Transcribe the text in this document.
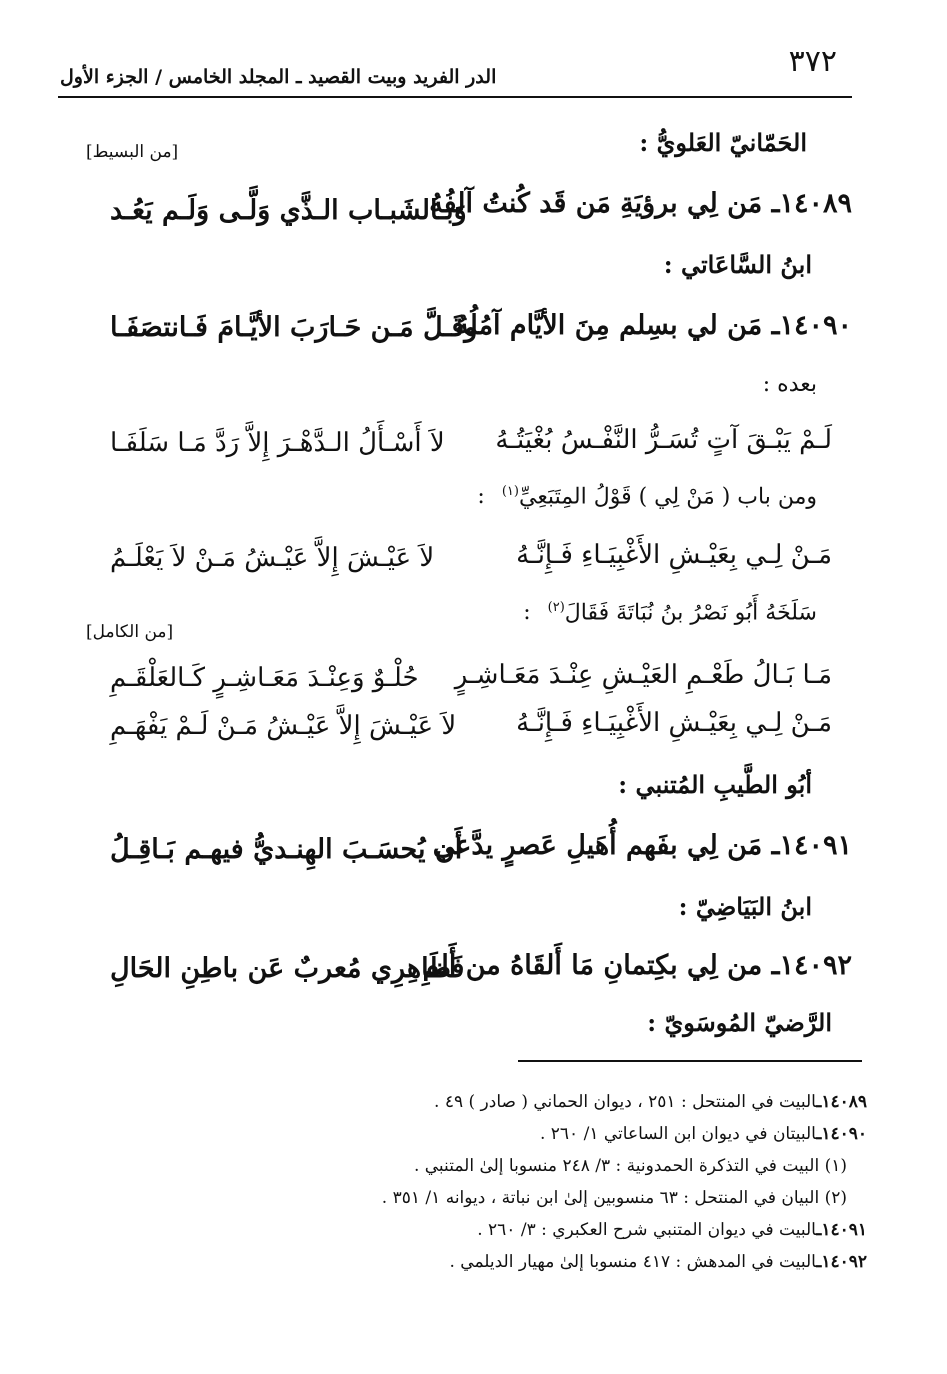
٣٧٢
الدر الفريد وبيت القصيد ـ المجلد الخامس / الجزء الأول
الحَمّانيّ العَلويُّ :
[من البسيط]
١٤٠٨٩ـ مَن لِي برؤيَةِ مَن قَد كُنتُ آلفُهُ
وَبـالشَبـاب الـذَّي وَلَّـى وَلَـم يَعُـد
ابنُ السَّاعَاتي :
١٤٠٩٠ـ مَن لي بسِلم مِنَ الأيَّام آمُلُهُ
وقَـلَّ مَـن حَـارَبَ الأيَّـامَ فَـانتصَفَـا
بعده :
لَـمْ يَبْـقَ آتٍ تُسَـرُّ النَّفْـسُ بُغْيَتُـهُ
لاَ أَسْـأَلُ الـدَّهْـرَ إِلاَّ رَدَّ مَـا سَلَفَـا
ومن باب ( مَنْ لِي ) قَوْلُ المِتَبَعِيِّ$^{(١)}$ :
مَـنْ لِـي بِعَيْـشِ الأَغْبِيَـاءِ فَـإِنَّـهُ
لاَ عَيْـشَ إِلاَّ عَيْـشُ مَـنْ لاَ يَعْلَـمُ
سَلَخَهُ أَبُو نَصْرُ بنُ نُبَاتَةَ فَقَالَ$^{(٢)}$ :
[من الكامل]
مَـا بَـالُ طَعْـمِ العَيْـشِ عِنْـدَ مَعَـاشِـرٍ
حُلْـوٌ وَعِنْـدَ مَعَـاشِـرٍ كَـالعَلْقَـمِ
مَـنْ لِـي بِعَيْـشِ الأَغْبِيَـاءِ فَـإِنَّـهُ
لاَ عَيْـشَ إِلاَّ عَيْـشُ مَـنْ لَـمْ يَفْهَـمِ
أبُو الطَّيبِ المُتنبي :
١٤٠٩١ـ مَن لِي بفَهم أُهَيلِ عَصرٍ يدَّعي
أَن يُحسَـبَ الهِنـديُّ فيهـم بَـاقِـلُ
ابنُ البَيَاضِيّ :
١٤٠٩٢ـ من لِي بكِتمانِ مَا أَلقَاهُ من أَلمِ
فَظَاهِرِي مُعربٌ عَن باطِنِ الحَالِ
الرَّضيّ المُوسَويّ :
١٤٠٨٩ـالبيت في المنتحل : ٢٥١ ، ديوان الحماني ( صادر ) ٤٩ .
١٤٠٩٠ـالبيتان في ديوان ابن الساعاتي ١/ ٢٦٠ .
(١) البيت في التذكرة الحمدونية : ٣/ ٢٤٨ منسوبا إلىٰ المتنبي .
(٢) البيان في المنتحل : ٦٣ منسوبين إلىٰ ابن نباتة ، ديوانه ١/ ٣٥١ .
١٤٠٩١ـالبيت في ديوان المتنبي شرح العكبري : ٣/ ٢٦٠ .
١٤٠٩٢ـالبيت في المدهش : ٤١٧ منسوبا إلىٰ مهيار الديلمي .
